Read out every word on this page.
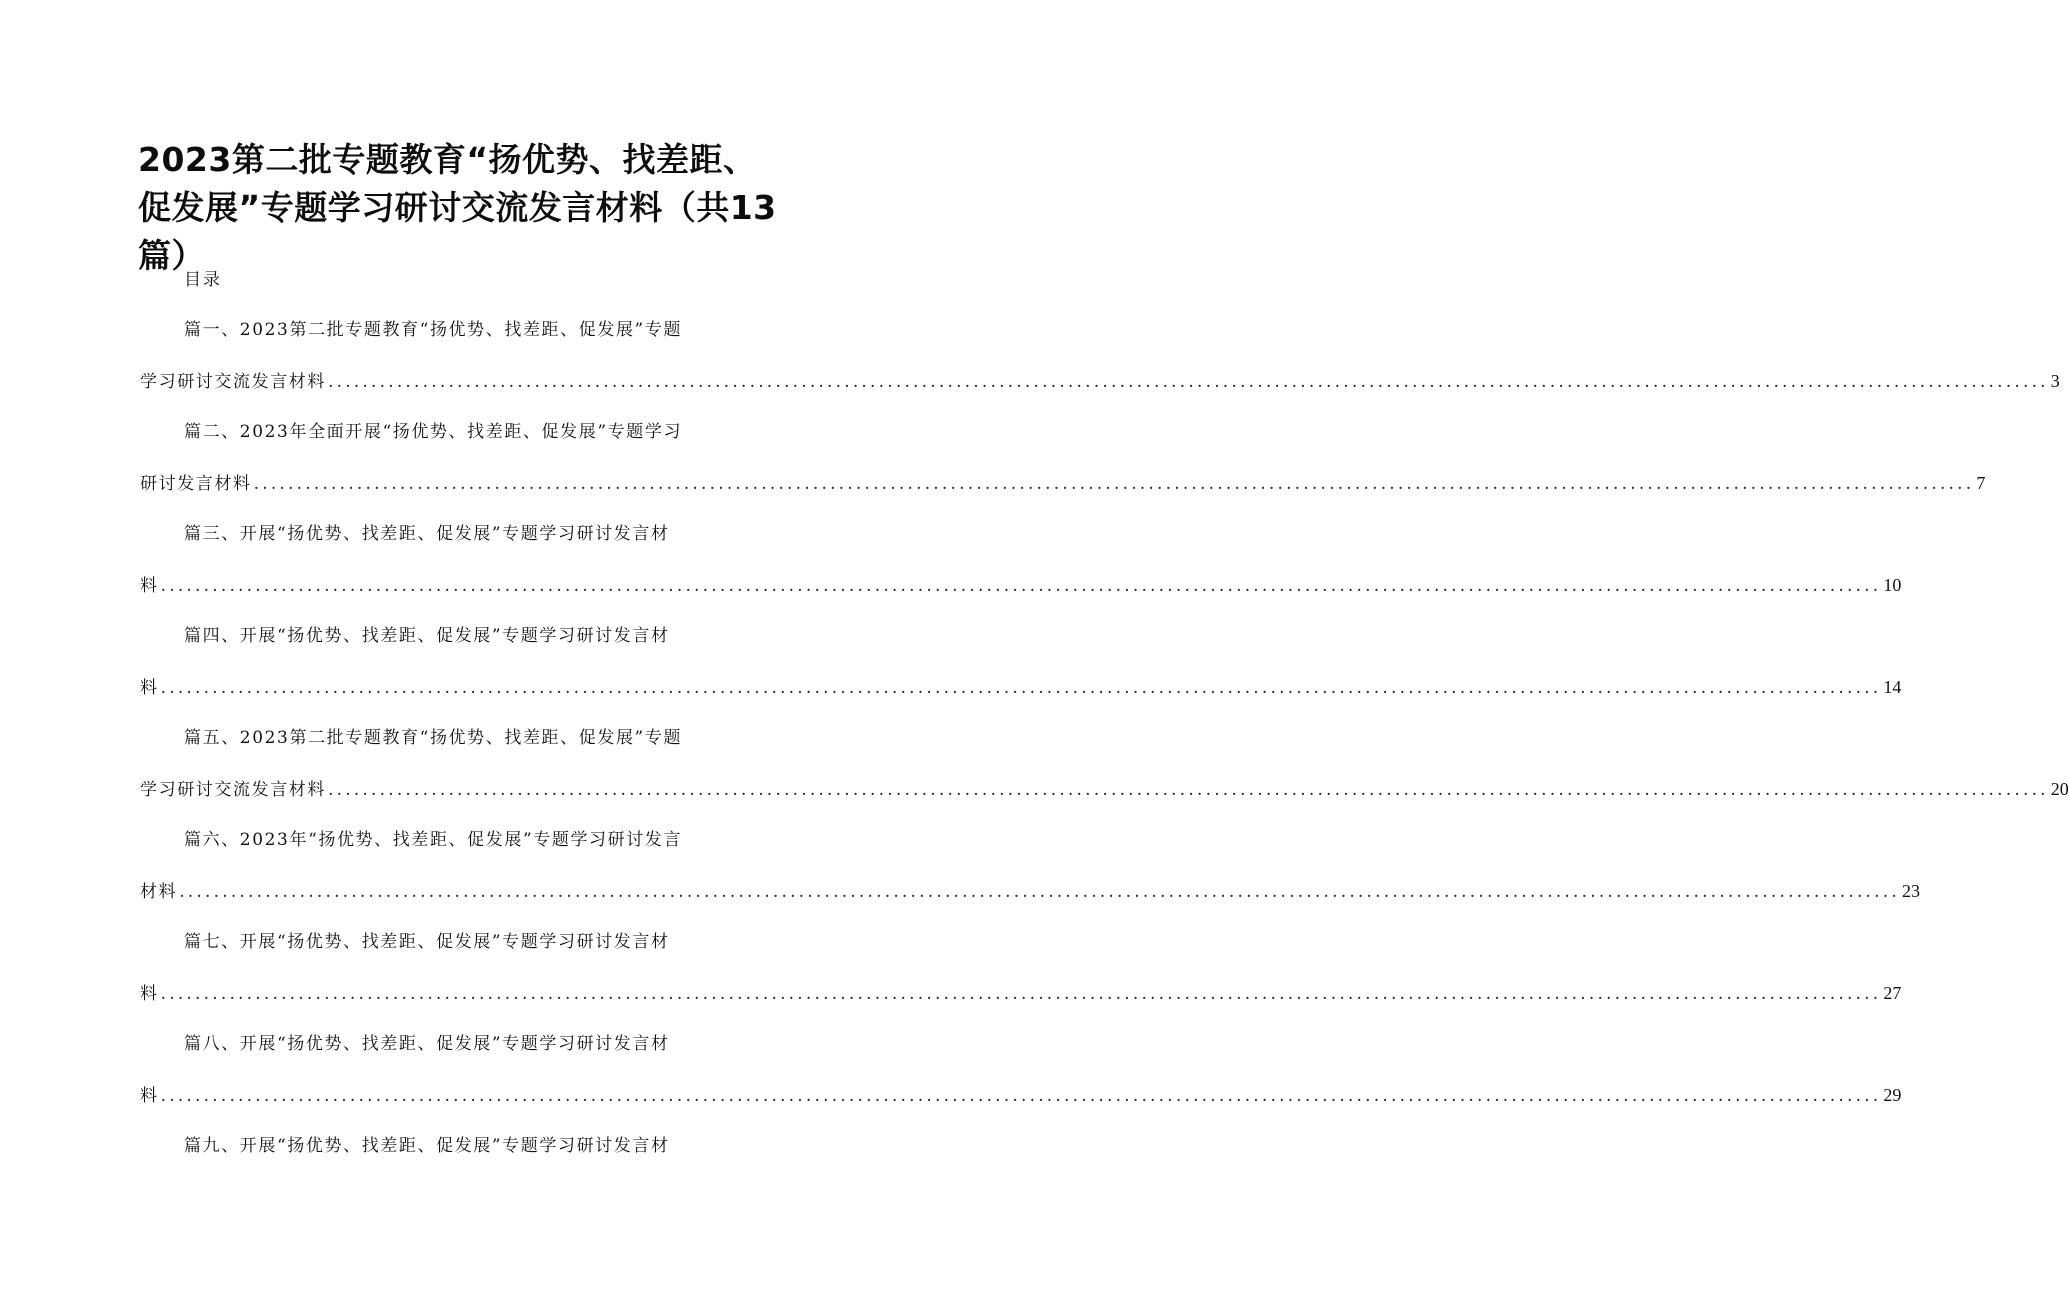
2023第二批专题教育“扬优势、找差距、促发展”专题学习研讨交流发言材料（共13篇）
目录
篇一、2023第二批专题教育“扬优势、找差距、促发展”专题
学习研讨交流发言材料 ........................................................................................................................................................................................................ 3
篇二、2023年全面开展“扬优势、找差距、促发展”专题学习
研讨发言材料 ........................................................................................................................................................................................................ 7
篇三、开展“扬优势、找差距、促发展”专题学习研讨发言材
料 ........................................................................................................................................................................................................ 10
篇四、开展“扬优势、找差距、促发展”专题学习研讨发言材
料 ........................................................................................................................................................................................................ 14
篇五、2023第二批专题教育“扬优势、找差距、促发展”专题
学习研讨交流发言材料 ........................................................................................................................................................................................................ 20
篇六、2023年“扬优势、找差距、促发展”专题学习研讨发言
材料 ........................................................................................................................................................................................................ 23
篇七、开展“扬优势、找差距、促发展”专题学习研讨发言材
料 ........................................................................................................................................................................................................ 27
篇八、开展“扬优势、找差距、促发展”专题学习研讨发言材
料 ........................................................................................................................................................................................................ 29
篇九、开展“扬优势、找差距、促发展”专题学习研讨发言材
